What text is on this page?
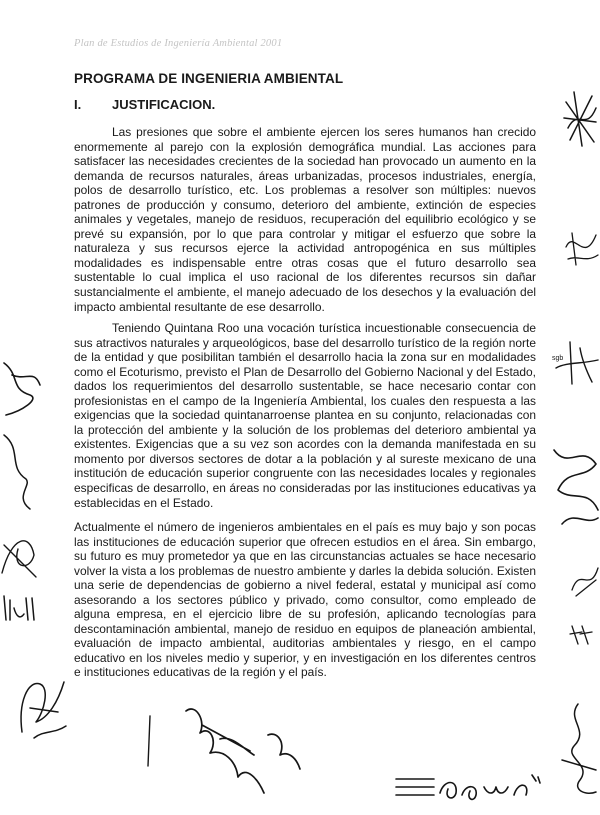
Plan de Estudios de Ingeniería Ambiental 2001
PROGRAMA DE INGENIERIA AMBIENTAL
I. JUSTIFICACION.

Las presiones que sobre el ambiente ejercen los seres humanos han crecido enormemente al parejo con la explosión demográfica mundial. Las acciones para satisfacer las necesidades crecientes de la sociedad han provocado un aumento en la demanda de recursos naturales, áreas urbanizadas, procesos industriales, energía, polos de desarrollo turístico, etc. Los problemas a resolver son múltiples: nuevos patrones de producción y consumo, deterioro del ambiente, extinción de especies animales y vegetales, manejo de residuos, recuperación del equilibrio ecológico y se prevé su expansión, por lo que para controlar y mitigar el esfuerzo que sobre la naturaleza y sus recursos ejerce la actividad antropogénica en sus múltiples modalidades es indispensable entre otras cosas que el futuro desarrollo sea sustentable lo cual implica el uso racional de los diferentes recursos sin dañar sustancialmente el ambiente, el manejo adecuado de los desechos y la evaluación del impacto ambiental resultante de ese desarrollo.

Teniendo Quintana Roo una vocación turística incuestionable consecuencia de sus atractivos naturales y arqueológicos, base del desarrollo turístico de la región norte de la entidad y que posibilitan también el desarrollo hacia la zona sur en modalidades como el Ecoturismo, previsto el Plan de Desarrollo del Gobierno Nacional y del Estado, dados los requerimientos del desarrollo sustentable, se hace necesario contar con profesionistas en el campo de la Ingeniería Ambiental, los cuales den respuesta a las exigencias que la sociedad quintanarroense plantea en su conjunto, relacionadas con la protección del ambiente y la solución de los problemas del deterioro ambiental ya existentes. Exigencias que a su vez son acordes con la demanda manifestada en su momento por diversos sectores de dotar a la población y al sureste mexicano de una institución de educación superior congruente con las necesidades locales y regionales especificas de desarrollo, en áreas no consideradas por las instituciones educativas ya establecidas en el Estado.

Actualmente el número de ingenieros ambientales en el país es muy bajo y son pocas las instituciones de educación superior que ofrecen estudios en el área. Sin embargo, su futuro es muy prometedor ya que en las circunstancias actuales se hace necesario volver la vista a los problemas de nuestro ambiente y darles la debida solución. Existen una serie de dependencias de gobierno a nivel federal, estatal y municipal así como asesorando a los sectores público y privado, como consultor, como empleado de alguna empresa, en el ejercicio libre de su profesión, aplicando tecnologías para descontaminación ambiental, manejo de residuo en equipos de planeación ambiental, evaluación de impacto ambiental, auditorias ambientales y riesgo, en el campo educativo en los niveles medio y superior, y en investigación en los diferentes centros e instituciones educativas de la región y el país.

sgb
Edgar G.
